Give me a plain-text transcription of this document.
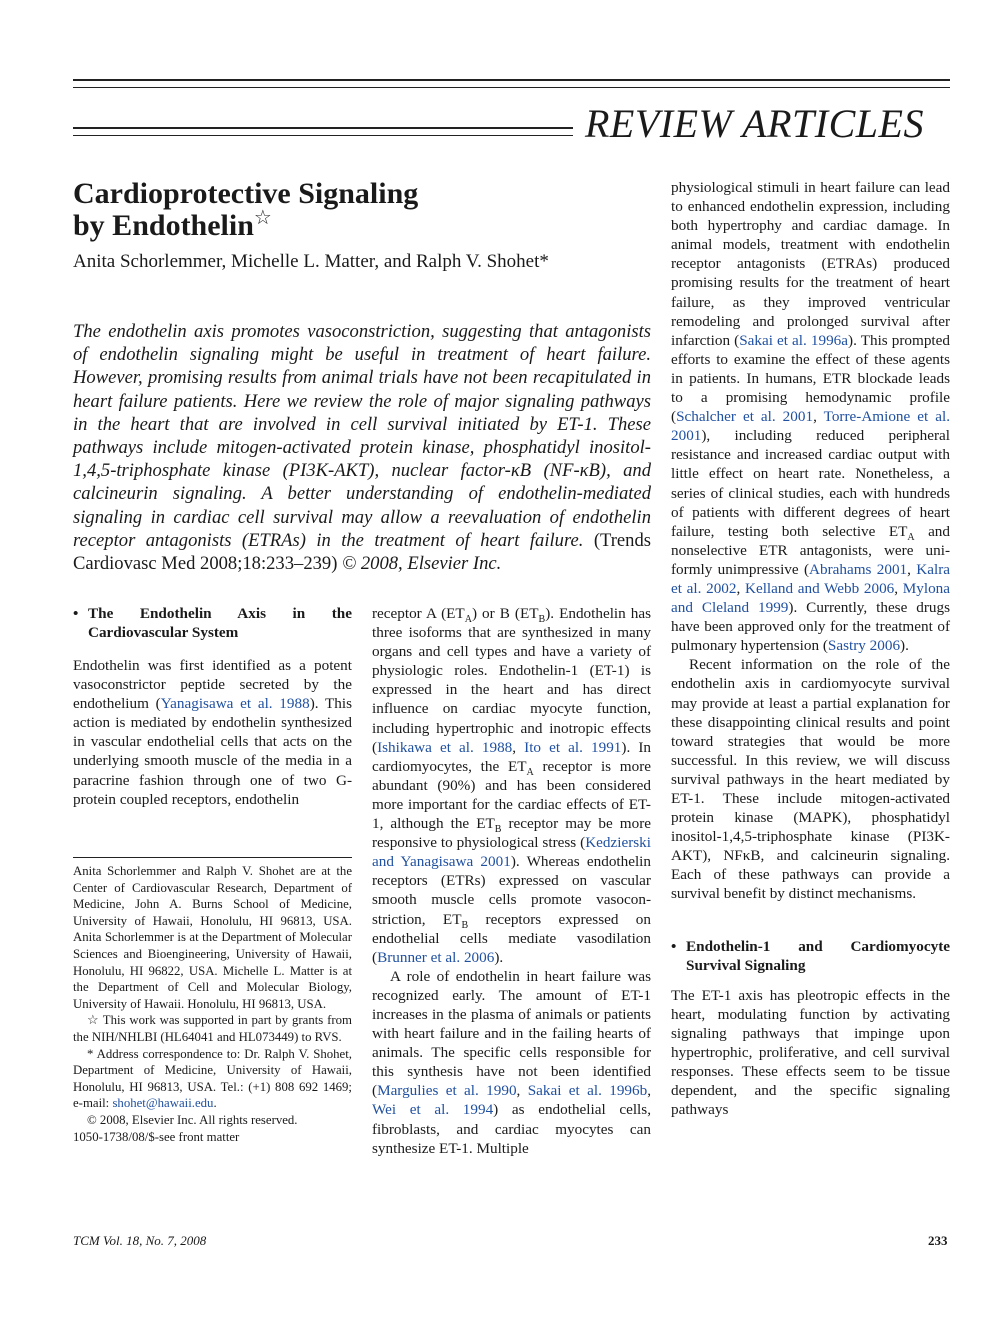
REVIEW ARTICLES
Cardioprotective Signaling
by Endothelin☆
Anita Schorlemmer, Michelle L. Matter, and Ralph V. Shohet*
The endothelin axis promotes vasoconstriction, suggesting that antagonists of endothelin signaling might be useful in treatment of heart failure. However, promising results from animal trials have not been recapitulated in heart failure patients. Here we review the role of major signaling pathways in the heart that are involved in cell survival initiated by ET-1. These pathways include mitogen-activated protein kinase, phosphatidyl inositol-1,4,5-triphosphate kinase (PI3K-AKT), nuclear factor-κB (NF-κB), and calcineurin signaling. A better understanding of endothelin-mediated signaling in cardiac cell survival may allow a reevaluation of endothelin receptor antagonists (ETRAs) in the treatment of heart failure. (Trends Cardiovasc Med 2008;18:233–239) © 2008, Elsevier Inc.
• The Endothelin Axis in the Cardiovascular System

Endothelin was first identified as a potent vasoconstrictor peptide secreted by the endothelium (Yanagisawa et al. 1988). This action is mediated by endothelin synthesized in vascular endothelial cells that acts on the underlying smooth muscle of the media in a paracrine fashion through one of two G-protein coupled receptors, endothelin

Anita Schorlemmer and Ralph V. Shohet are at the Center of Cardiovascular Research, Department of Medicine, John A. Burns School of Medicine, University of Hawaii, Honolulu, HI 96813, USA. Anita Schorlemmer is at the Department of Molecular Sciences and Bioengineering, University of Hawaii, Honolulu, HI 96822, USA. Michelle L. Matter is at the Department of Cell and Molecular Biology, University of Hawaii. Honolulu, HI 96813, USA.

☆ This work was supported in part by grants from the NIH/NHLBI (HL64041 and HL073449) to RVS.

* Address correspondence to: Dr. Ralph V. Shohet, Department of Medicine, University of Hawaii, Honolulu, HI 96813, USA. Tel.: (+1) 808 692 1469; e-mail: shohet@hawaii.edu.

© 2008, Elsevier Inc. All rights reserved.

1050-1738/08/$-see front matter

receptor A $(ET_A)$ or B $(ET_B)$. Endothelin has three isoforms that are synthesized in many organs and cell types and have a variety of physiologic roles. Endothelin-1 (ET-1) is expressed in the heart and has direct influence on cardiac myocyte function, including hypertrophic and inotropic effects (Ishikawa et al. 1988, Ito et al. 1991). In cardiomyocytes, the $ET_A$ receptor is more abundant (90%) and has been considered more important for the cardiac effects of ET-1, although the $ET_B$ receptor may be more responsive to physiological stress (Kedzierski and Yanagisawa 2001). Whereas endothelin receptors (ETRs) expressed on vascular smooth muscle cells promote vasoconstriction, $ET_B$ receptors expressed on endothelial cells mediate vasodilation (Brunner et al. 2006).

A role of endothelin in heart failure was recognized early. The amount of ET-1 increases in the plasma of animals or patients with heart failure and in the failing hearts of animals. The specific cells responsible for this synthesis have not been identified (Margulies et al. 1990, Sakai et al. 1996b, Wei et al. 1994) as endothelial cells, fibroblasts, and cardiac myocytes can synthesize ET-1. Multiple

physiological stimuli in heart failure can lead to enhanced endothelin expression, including both hypertrophy and cardiac damage. In animal models, treatment with endothelin receptor antagonists (ETRAs) produced promising results for the treatment of heart failure, as they improved ventricular remodeling and prolonged survival after infarction (Sakai et al. 1996a). This prompted efforts to examine the effect of these agents in patients. In humans, ETR blockade leads to a promising hemodynamic profile (Schalcher et al. 2001, Torre-Amione et al. 2001), including reduced peripheral resistance and increased cardiac output with little effect on heart rate. Nonetheless, a series of clinical studies, each with hundreds of patients with different degrees of heart failure, testing both selective $ET_A$ and nonselective ETR antagonists, were uniformly unimpressive (Abrahams 2001, Kalra et al. 2002, Kelland and Webb 2006, Mylona and Cleland 1999). Currently, these drugs have been approved only for the treatment of pulmonary hypertension (Sastry 2006).

Recent information on the role of the endothelin axis in cardiomyocyte survival may provide at least a partial explanation for these disappointing clinical results and point toward strategies that would be more successful. In this review, we will discuss survival pathways in the heart mediated by ET-1. These include mitogen-activated protein kinase (MAPK), phosphatidyl inositol-1,4,5-triphosphate kinase (PI3K-AKT), NFκB, and calcineurin signaling. Each of these pathways can provide a survival benefit by distinct mechanisms.

• Endothelin-1 and Cardiomyocyte Survival Signaling

The ET-1 axis has pleotropic effects in the heart, modulating function by activating signaling pathways that impinge upon hypertrophic, proliferative, and cell survival responses. These effects seem to be tissue dependent, and the specific signaling pathways

TCM Vol. 18, No. 7, 2008	233
